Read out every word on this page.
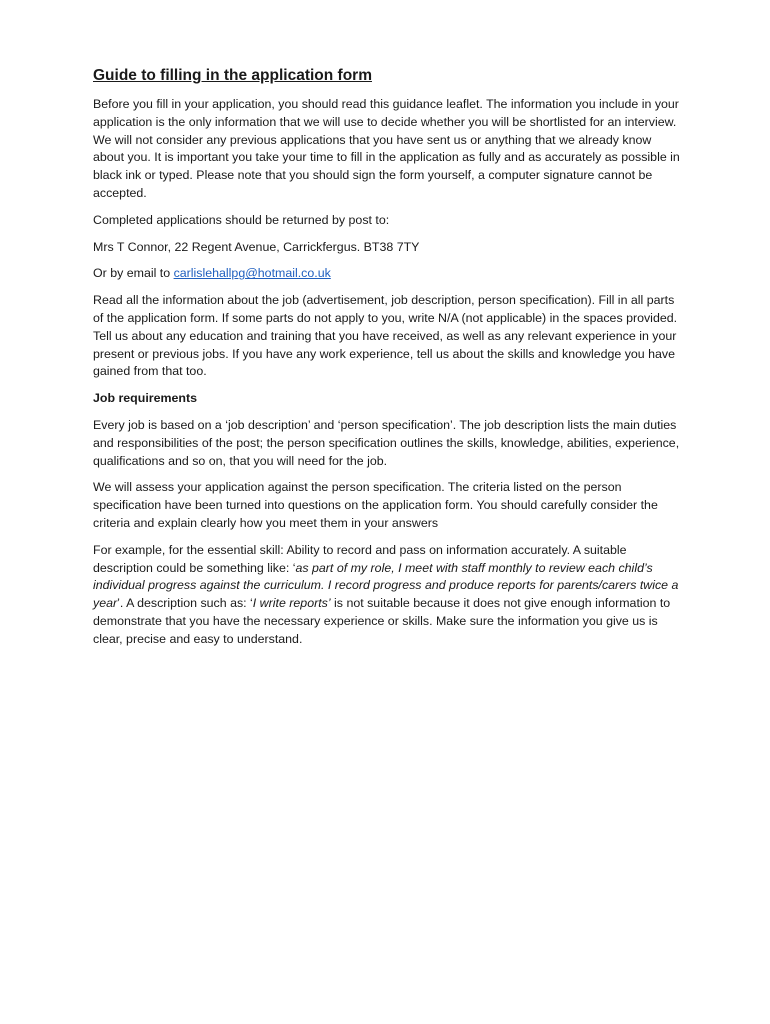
Guide to filling in the application form

Before you fill in your application, you should read this guidance leaflet. The information you include in your application is the only information that we will use to decide whether you will be shortlisted for an interview. We will not consider any previous applications that you have sent us or anything that we already know about you. It is important you take your time to fill in the application as fully and as accurately as possible in black ink or typed. Please note that you should sign the form yourself, a computer signature cannot be accepted.

Completed applications should be returned by post to:

Mrs T Connor, 22 Regent Avenue, Carrickfergus. BT38 7TY

Or by email to carlislehallpg@hotmail.co.uk

Read all the information about the job (advertisement, job description, person specification). Fill in all parts of the application form. If some parts do not apply to you, write N/A (not applicable) in the spaces provided. Tell us about any education and training that you have received, as well as any relevant experience in your present or previous jobs. If you have any work experience, tell us about the skills and knowledge you have gained from that too.

Job requirements

Every job is based on a ‘job description’ and ‘person specification’. The job description lists the main duties and responsibilities of the post; the person specification outlines the skills, knowledge, abilities, experience, qualifications and so on, that you will need for the job.

We will assess your application against the person specification. The criteria listed on the person specification have been turned into questions on the application form. You should carefully consider the criteria and explain clearly how you meet them in your answers

For example, for the essential skill: Ability to record and pass on information accurately. A suitable description could be something like: ‘as part of my role, I meet with staff monthly to review each child’s individual progress against the curriculum. I record progress and produce reports for parents/carers twice a year’. A description such as: ‘I write reports’ is not suitable because it does not give enough information to demonstrate that you have the necessary experience or skills. Make sure the information you give us is clear, precise and easy to understand.
